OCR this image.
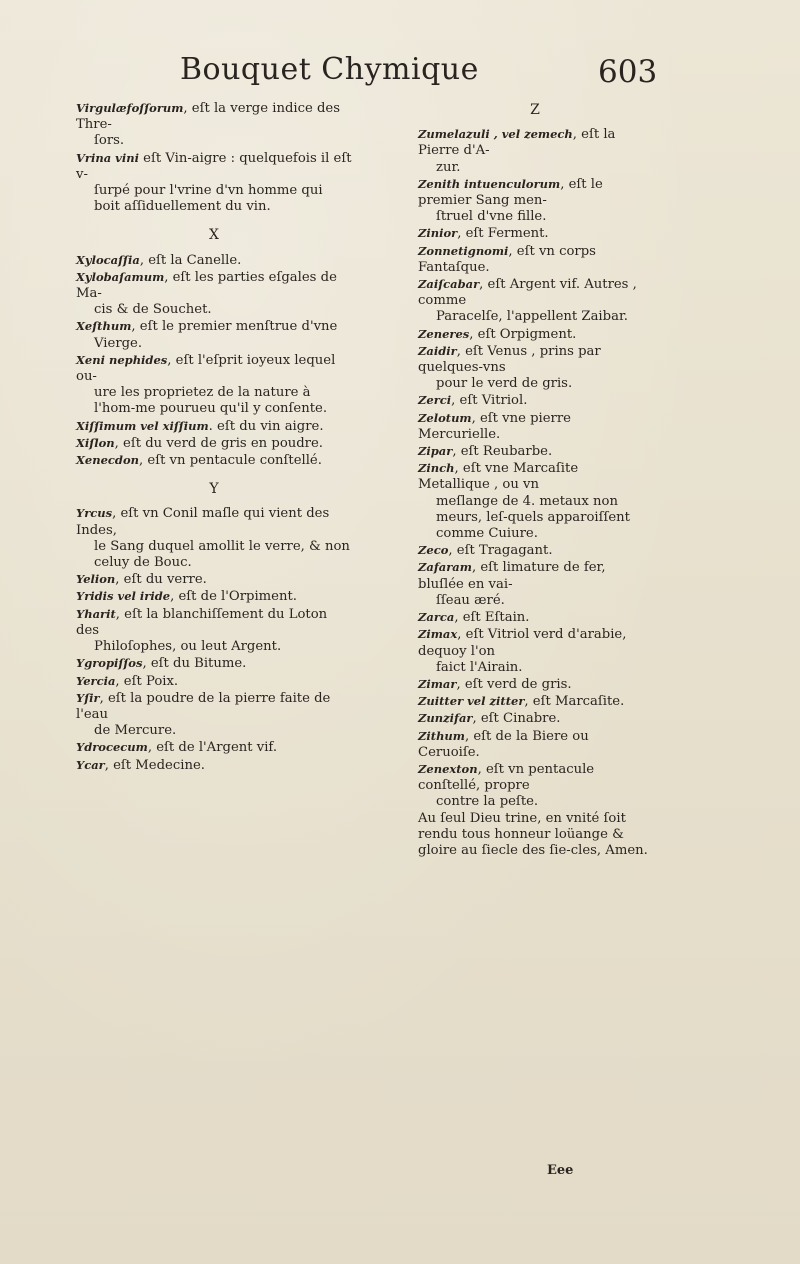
Bouquet Chymique	603

Virgulæfoſſorum, eſt la verge indice des Thre-
ſors.

Vrina vini eſt Vin-aigre : quelquefois il eſt v-
ſurpé pour l'vrine d'vn homme qui boit aſſiduellement du vin.

X

Xylocaſſia, eſt la Canelle.

Xylobaſamum, eſt les parties eſgales de Ma-
cis & de Souchet.

Xeſthum, eſt le premier menſtrue d'vne
Vierge.

Xeni nephides, eſt l'eſprit ioyeux lequel ou-
ure les proprietez de la nature à l'hom-me pourueu qu'il y conſente.

Xiſſimum vel xiſſium. eſt du vin aigre.

Xiſlon, eſt du verd de gris en poudre.

Xenecdon, eſt vn pentacule conſtellé.

Y

Yrcus, eſt vn Conil maſle qui vient des Indes,
le Sang duquel amollit le verre, & non celuy de Bouc.

Yelion, eſt du verre.

Yridis vel iride, eſt de l'Orpiment.

Yharit, eſt la blanchiſſement du Loton des
Philoſophes, ou leut Argent.

Ygropiſſos, eſt du Bitume.

Yercia, eſt Poix.

Yſir, eſt la poudre de la pierre faite de l'eau
de Mercure.

Ydrocecum, eſt de l'Argent vif.

Ycar, eſt Medecine.

Z

Zumelazuli , vel zemech, eſt la Pierre d'A-
zur.

Zenith intuenculorum, eſt le premier Sang men-
ſtruel d'vne fille.

Zinior, eſt Ferment.

Zonnetignomi, eſt vn corps Fantaſque.

Zaiſcabar, eſt Argent vif. Autres , comme
Paracelſe, l'appellent Zaibar.

Zeneres, eſt Orpigment.

Zaidir, eſt Venus , prins par quelques-vns
pour le verd de gris.

Zerci, eſt Vitriol.

Zelotum, eſt vne pierre Mercurielle.

Zipar, eſt Reubarbe.

Zinch, eſt vne Marcaſite Metallique , ou vn
meſlange de 4. metaux non meurs, leſ-quels apparoiſſent comme Cuiure.

Zeco, eſt Tragagant.

Zafaram, eſt limature de fer, bluſlée en vai-
ſſeau æré.

Zarca, eſt Eſtain.

Zimax, eſt Vitriol verd d'arabie, dequoy l'on
faict l'Airain.

Zimar, eſt verd de gris.

Zuitter vel zitter, eſt Marcaſite.

Zunzifar, eſt Cinabre.

Zithum, eſt de la Biere ou Ceruoiſe.

Zenexton, eſt vn pentacule conſtellé, propre
contre la peſte.

Au ſeul Dieu trine, en vnité ſoit rendu tous honneur loüange & gloire au ſiecle des ſie-cles, Amen.

Eee
